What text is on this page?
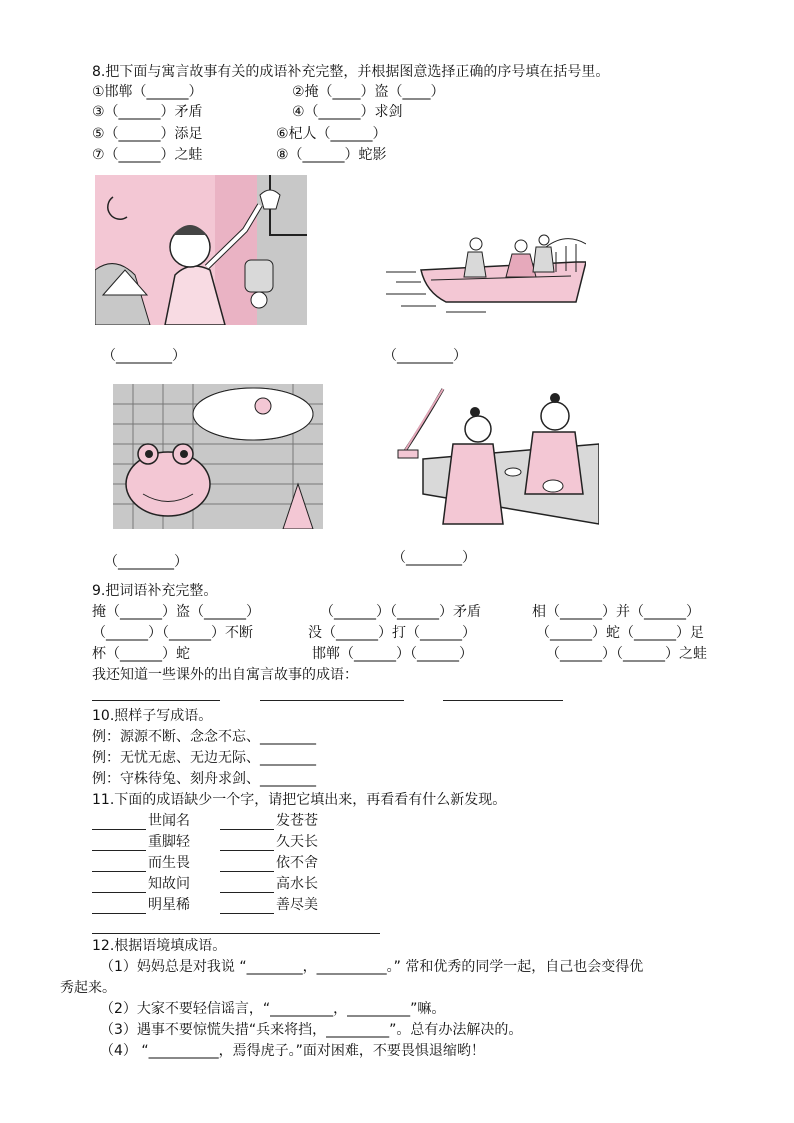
8.把下面与寓言故事有关的成语补充完整，并根据图意选择正确的序号填在括号里。
①邯郸（______）	②掩（____）盗（____）
③（______）矛盾	④（______）求剑
⑤（______）添足	⑥杞人（______）
⑦（______）之蛙	⑧（______）蛇影
（________）	（________）
（________）	（________）
9.把词语补充完整。
掩（______）盗（______）	（______）（______）矛盾	相（______）并（______）
（______）（______）不断	没（______）打（______）	（______）蛇（______）足
杯（______）蛇	邯郸（______）（______）	（______）（______）之蛙
我还知道一些课外的出自寓言故事的成语：
10.照样子写成语。
例：源源不断、念念不忘、________
例：无忧无虑、无边无际、________
例：守株待兔、刻舟求剑、________
11.下面的成语缺少一个字，请把它填出来，再看看有什么新发现。
世闻名	发苍苍
重脚轻	久天长
而生畏	依不舍
知故问	高水长
明星稀	善尽美
12.根据语境填成语。
（1）妈妈总是对我说 “________，__________。” 常和优秀的同学一起，自己也会变得优
秀起来。
（2）大家不要轻信谣言，“_________，_________”嘛。
（3）遇事不要惊慌失措“兵来将挡，_________”。总有办法解决的。
（4） “__________，焉得虎子。”面对困难，不要畏惧退缩哟！
